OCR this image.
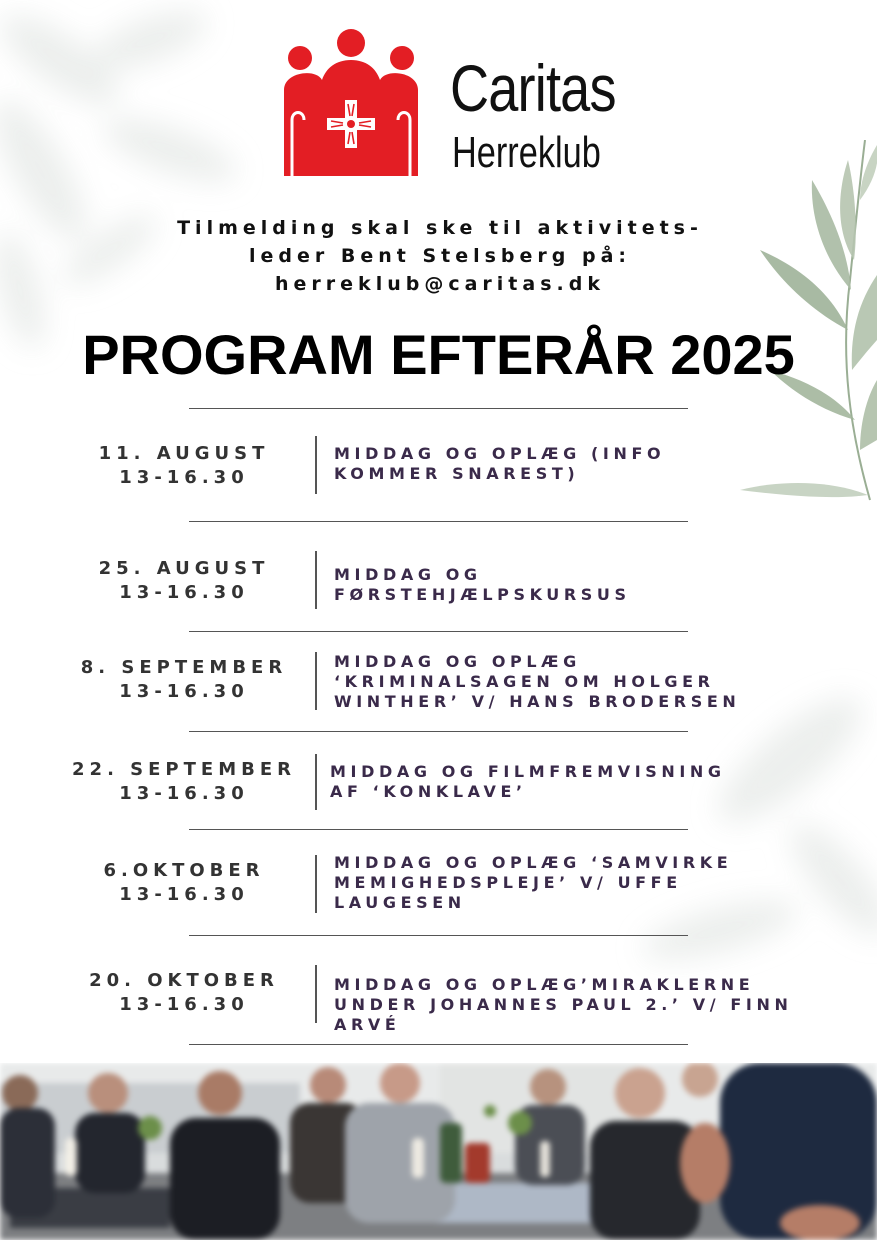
Caritas
Herreklub
Tilmelding skal ske til aktivitets-
leder Bent Stelsberg på:
herreklub@caritas.dk
PROGRAM EFTERÅR 2025
11. AUGUST
13-16.30
MIDDAG OG OPLÆG (INFO
KOMMER SNAREST)
25. AUGUST
13-16.30
MIDDAG OG
FØRSTEHJÆLPSKURSUS
8. SEPTEMBER
13-16.30
MIDDAG OG OPLÆG
‘KRIMINALSAGEN OM HOLGER
WINTHER’ V/ HANS BRODERSEN
22. SEPTEMBER
13-16.30
MIDDAG OG FILMFREMVISNING
AF ‘KONKLAVE’
6.OKTOBER
13-16.30
MIDDAG OG OPLÆG ‘SAMVIRKE
MEMIGHEDSPLEJE’ V/ UFFE
LAUGESEN
20. OKTOBER
13-16.30
MIDDAG OG OPLÆG’MIRAKLERNE
UNDER JOHANNES PAUL 2.’ V/ FINN
ARVÉ
